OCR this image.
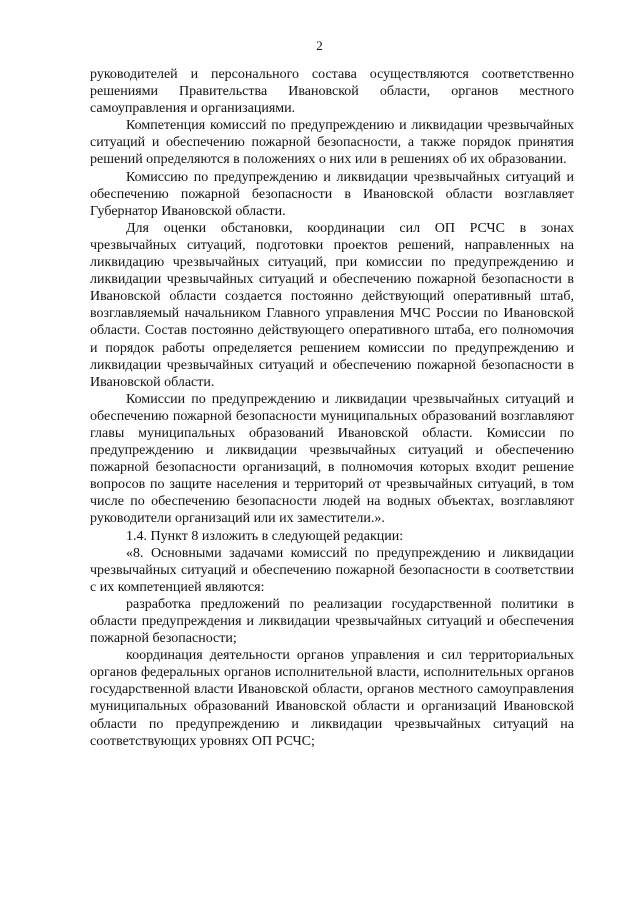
2

руководителей и персонального состава осуществляются соответственно решениями Правительства Ивановской области, органов местного самоуправления и организациями.

Компетенция комиссий по предупреждению и ликвидации чрезвычайных ситуаций и обеспечению пожарной безопасности, а также порядок принятия решений определяются в положениях о них или в решениях об их образовании.

Комиссию по предупреждению и ликвидации чрезвычайных ситуаций и обеспечению пожарной безопасности в Ивановской области возглавляет Губернатор Ивановской области.

Для оценки обстановки, координации сил ОП РСЧС в зонах чрезвычайных ситуаций, подготовки проектов решений, направленных на ликвидацию чрезвычайных ситуаций, при комиссии по предупреждению и ликвидации чрезвычайных ситуаций и обеспечению пожарной безопасности в Ивановской области создается постоянно действующий оперативный штаб, возглавляемый начальником Главного управления МЧС России по Ивановской области. Состав постоянно действующего оперативного штаба, его полномочия и порядок работы определяется решением комиссии по предупреждению и ликвидации чрезвычайных ситуаций и обеспечению пожарной безопасности в Ивановской области.

Комиссии по предупреждению и ликвидации чрезвычайных ситуаций и обеспечению пожарной безопасности муниципальных образований возглавляют главы муниципальных образований Ивановской области. Комиссии по предупреждению и ликвидации чрезвычайных ситуаций и обеспечению пожарной безопасности организаций, в полномочия которых входит решение вопросов по защите населения и территорий от чрезвычайных ситуаций, в том числе по обеспечению безопасности людей на водных объектах, возглавляют руководители организаций или их заместители.».

1.4. Пункт 8 изложить в следующей редакции:

«8. Основными задачами комиссий по предупреждению и ликвидации чрезвычайных ситуаций и обеспечению пожарной безопасности в соответствии с их компетенцией являются:

разработка предложений по реализации государственной политики в области предупреждения и ликвидации чрезвычайных ситуаций и обеспечения пожарной безопасности;

координация деятельности органов управления и сил территориальных органов федеральных органов исполнительной власти, исполнительных органов государственной власти Ивановской области, органов местного самоуправления муниципальных образований Ивановской области и организаций Ивановской области по предупреждению и ликвидации чрезвычайных ситуаций на соответствующих уровнях ОП РСЧС;
